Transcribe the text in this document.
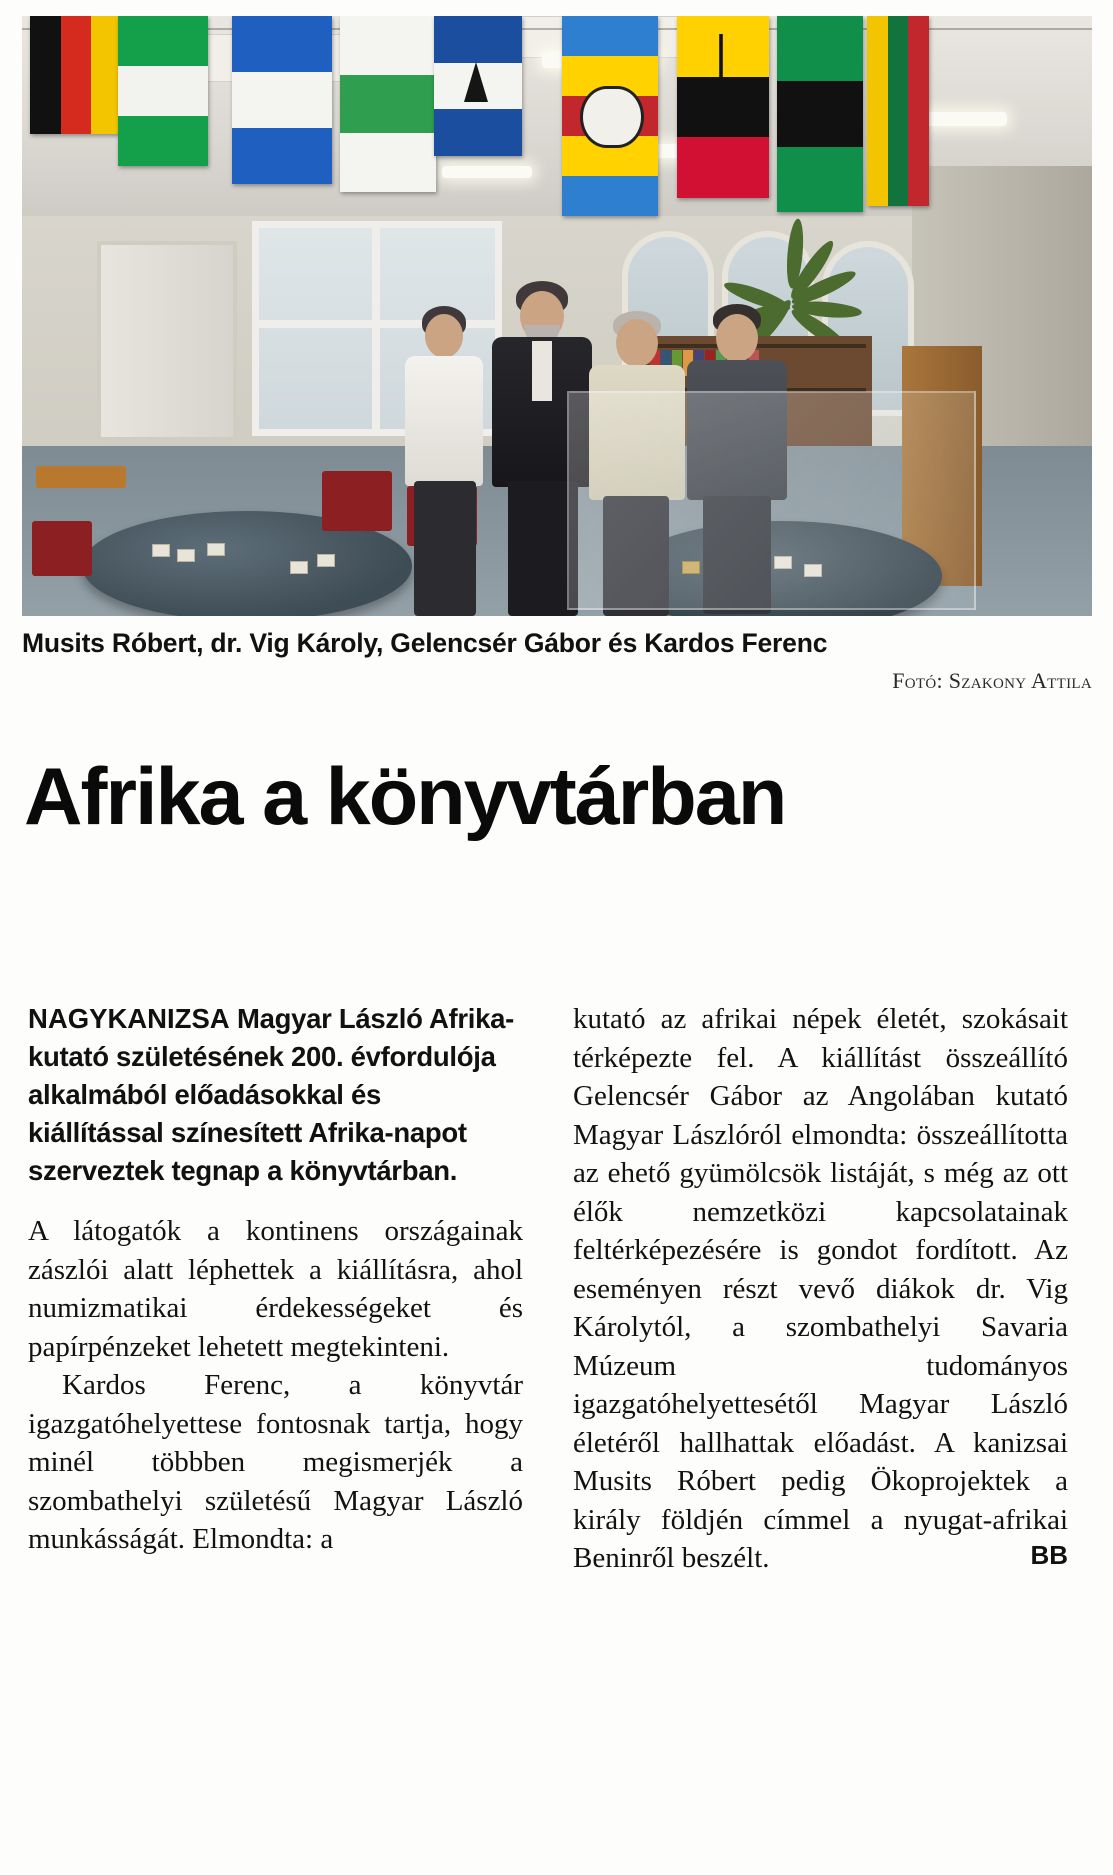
Musits Róbert, dr. Vig Károly, Gelencsér Gábor és Kardos Ferenc
Fotó: Szakony Attila
Afrika a könyvtárban

NAGYKANIZSA Magyar László Afrika-kutató születésének 200. évfordulója alkalmából előadásokkal és kiállítással színesített Afrika-napot szerveztek tegnap a könyvtárban.

A látogatók a kontinens országainak zászlói alatt léphettek a kiállításra, ahol numizmatikai érdekességeket és papírpénzeket lehetett megtekinteni.

Kardos Ferenc, a könyvtár igazgatóhelyettese fontosnak tartja, hogy minél többben megismerjék a szombathelyi születésű Magyar László munkásságát. Elmondta: a

kutató az afrikai népek életét, szokásait térképezte fel. A kiállítást összeállító Gelencsér Gábor az Angolában kutató Magyar Lászlóról elmondta: összeállította az ehető gyümölcsök listáját, s még az ott élők nemzetközi kapcsolatainak feltérképezésére is gondot fordított. Az eseményen részt vevő diákok dr. Vig Károlytól, a szombathelyi Savaria Múzeum tudományos igazgatóhelyettesétől Magyar László életéről hallhattak előadást. A kanizsai Musits Róbert pedig Ökoprojektek a király földjén címmel a nyugat-afrikai Beninről beszélt.	BB
